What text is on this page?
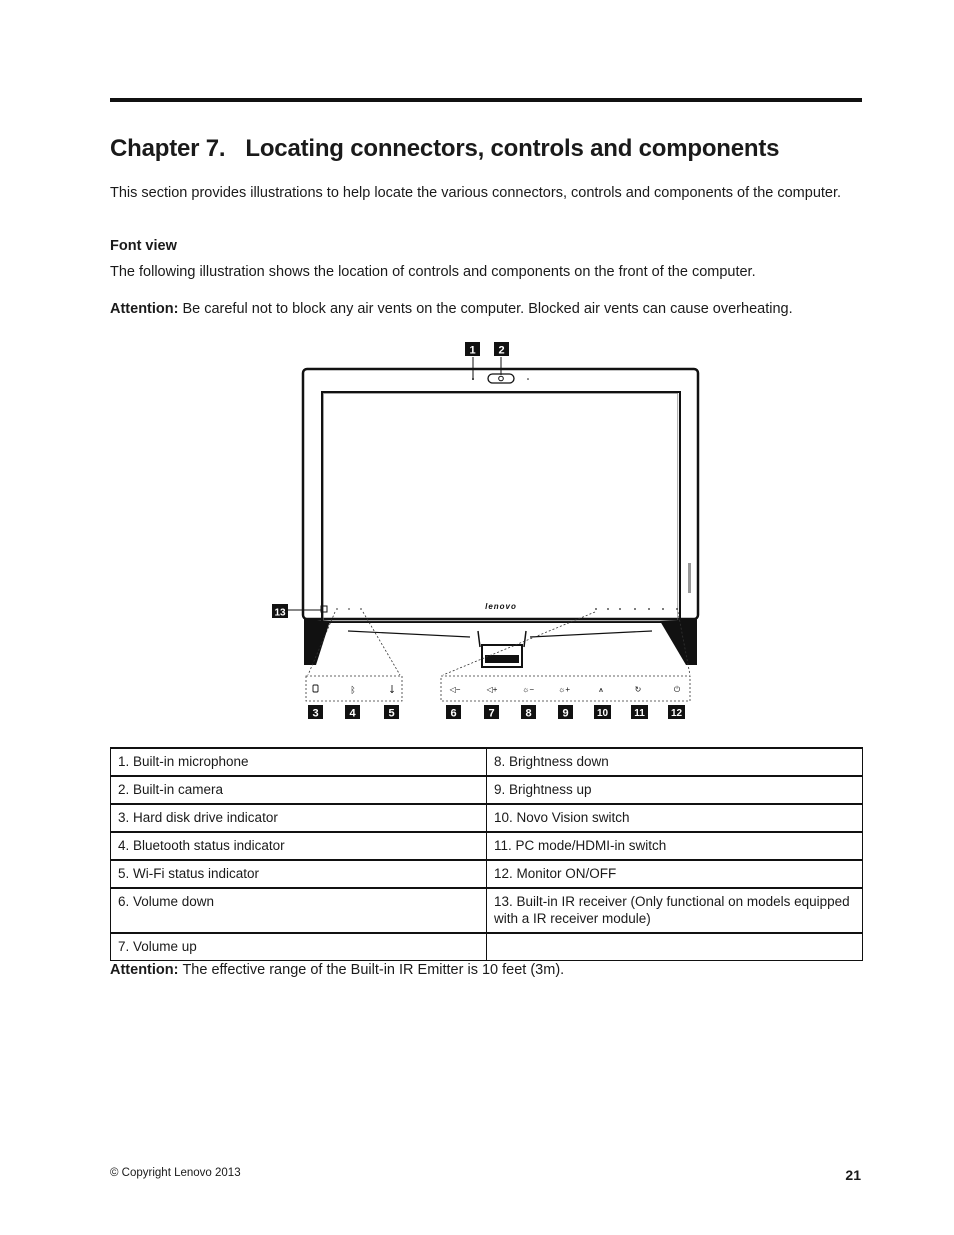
Chapter 7. Locating connectors, controls and components

This section provides illustrations to help locate the various connectors, controls and components of the computer.

Font view

The following illustration shows the location of controls and components on the front of the computer.

Attention: Be careful not to block any air vents on the computer. Blocked air vents can cause overheating.

lenovo
ᛒ	⌄	◁−	◁+	☼−	☼+	⩚	↻	⏻
1 2
13
3	4	5	6	7	8	9	10	11	12
1. Built-in microphone	8. Brightness down
2. Built-in camera	9. Brightness up
3. Hard disk drive indicator	10. Novo Vision switch
4. Bluetooth status indicator	11. PC mode/HDMI-in switch
5. Wi-Fi status indicator	12. Monitor ON/OFF
6. Volume down	13. Built-in IR receiver (Only functional on models equipped with a IR receiver module)
7. Volume up	

Attention: The effective range of the Built-in IR Emitter is 10 feet (3m).

© Copyright Lenovo 2013	21
